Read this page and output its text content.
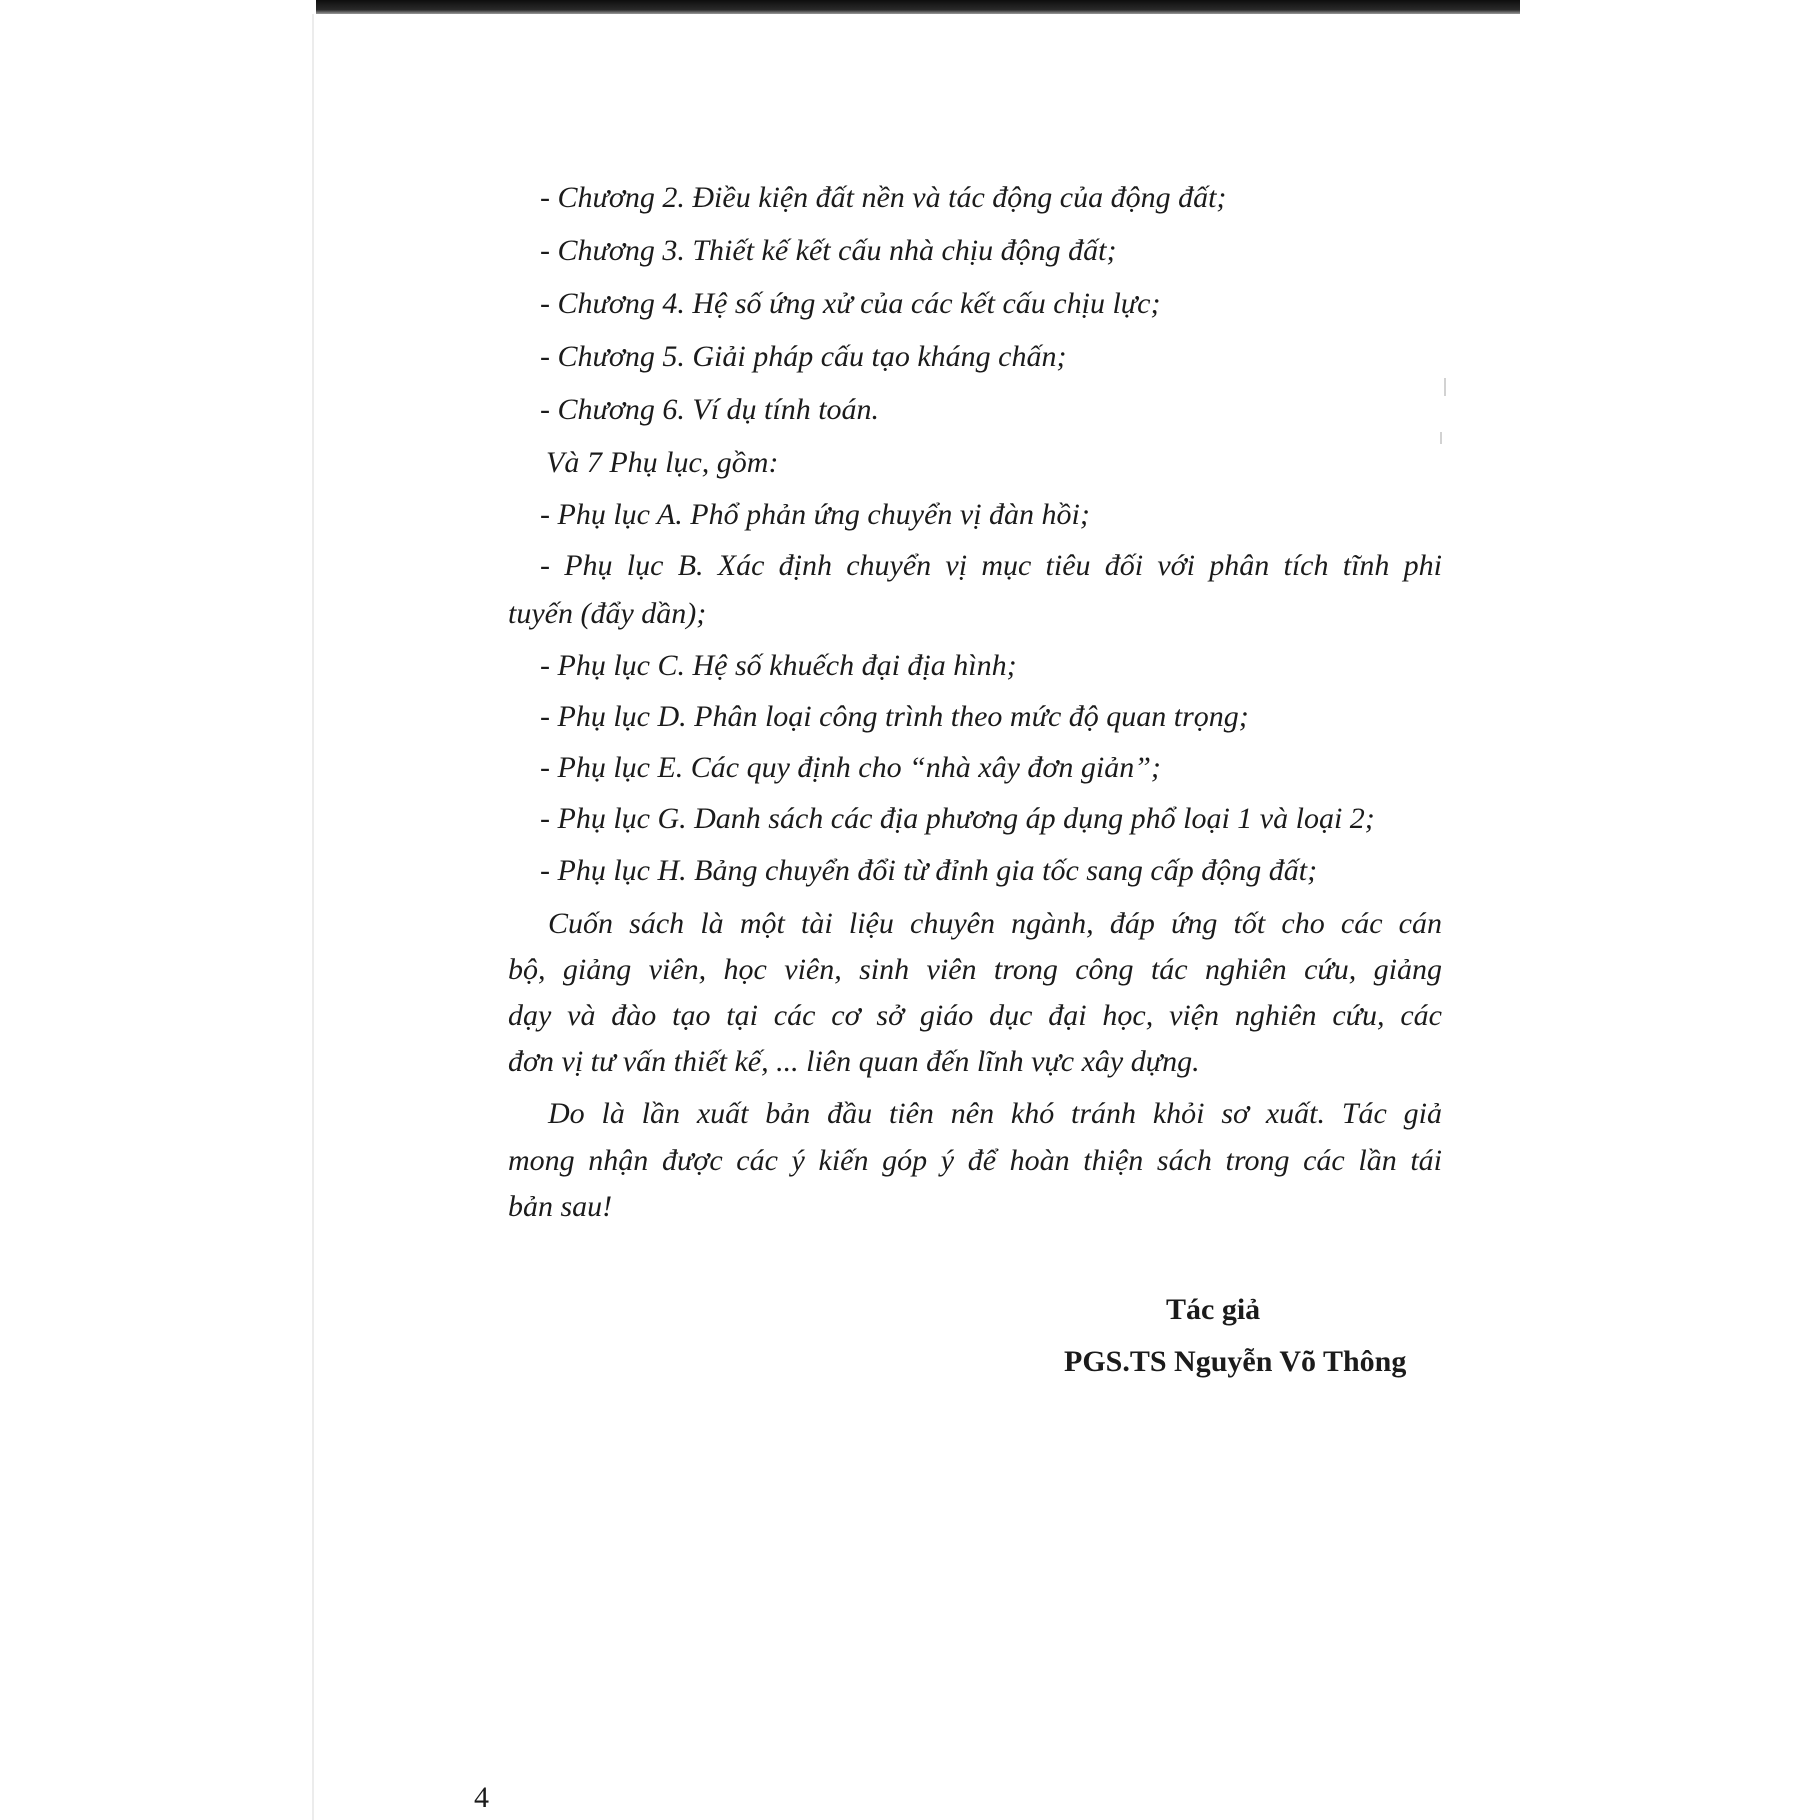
- Chương 2. Điều kiện đất nền và tác động của động đất;
- Chương 3. Thiết kế kết cấu nhà chịu động đất;
- Chương 4. Hệ số ứng xử của các kết cấu chịu lực;
- Chương 5. Giải pháp cấu tạo kháng chấn;
- Chương 6. Ví dụ tính toán.
Và 7 Phụ lục, gồm:
- Phụ lục A. Phổ phản ứng chuyển vị đàn hồi;
- Phụ lục B. Xác định chuyển vị mục tiêu đối với phân tích tĩnh phi
tuyến (đẩy dần);
- Phụ lục C. Hệ số khuếch đại địa hình;
- Phụ lục D. Phân loại công trình theo mức độ quan trọng;
- Phụ lục E. Các quy định cho “nhà xây đơn giản”;
- Phụ lục G. Danh sách các địa phương áp dụng phổ loại 1 và loại 2;
- Phụ lục H. Bảng chuyển đổi từ đỉnh gia tốc sang cấp động đất;
Cuốn sách là một tài liệu chuyên ngành, đáp ứng tốt cho các cán
bộ, giảng viên, học viên, sinh viên trong công tác nghiên cứu, giảng
dạy và đào tạo tại các cơ sở giáo dục đại học, viện nghiên cứu, các
đơn vị tư vấn thiết kế, ... liên quan đến lĩnh vực xây dựng.
Do là lần xuất bản đầu tiên nên khó tránh khỏi sơ xuất. Tác giả
mong nhận được các ý kiến góp ý để hoàn thiện sách trong các lần tái
bản sau!
Tác giả
PGS.TS Nguyễn Võ Thông
4
